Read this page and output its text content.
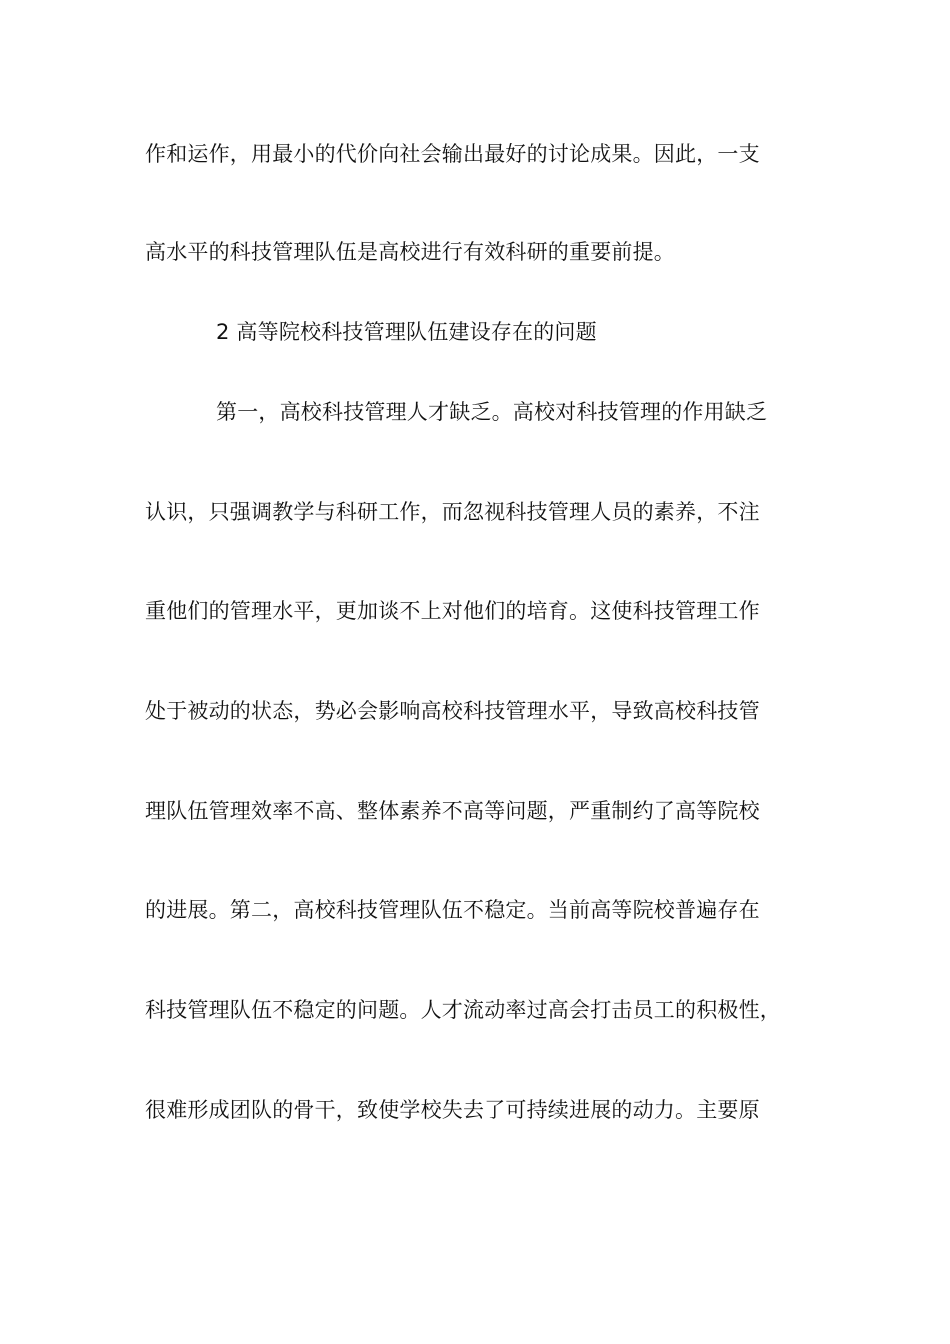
作和运作，用最小的代价向社会输出最好的讨论成果。因此，一支
高水平的科技管理队伍是高校进行有效科研的重要前提。
2 高等院校科技管理队伍建设存在的问题
第一，高校科技管理人才缺乏。高校对科技管理的作用缺乏
认识，只强调教学与科研工作，而忽视科技管理人员的素养，不注
重他们的管理水平，更加谈不上对他们的培育。这使科技管理工作
处于被动的状态，势必会影响高校科技管理水平，导致高校科技管
理队伍管理效率不高、整体素养不高等问题，严重制约了高等院校
的进展。第二，高校科技管理队伍不稳定。当前高等院校普遍存在
科技管理队伍不稳定的问题。人才流动率过高会打击员工的积极性，
很难形成团队的骨干，致使学校失去了可持续进展的动力。主要原
